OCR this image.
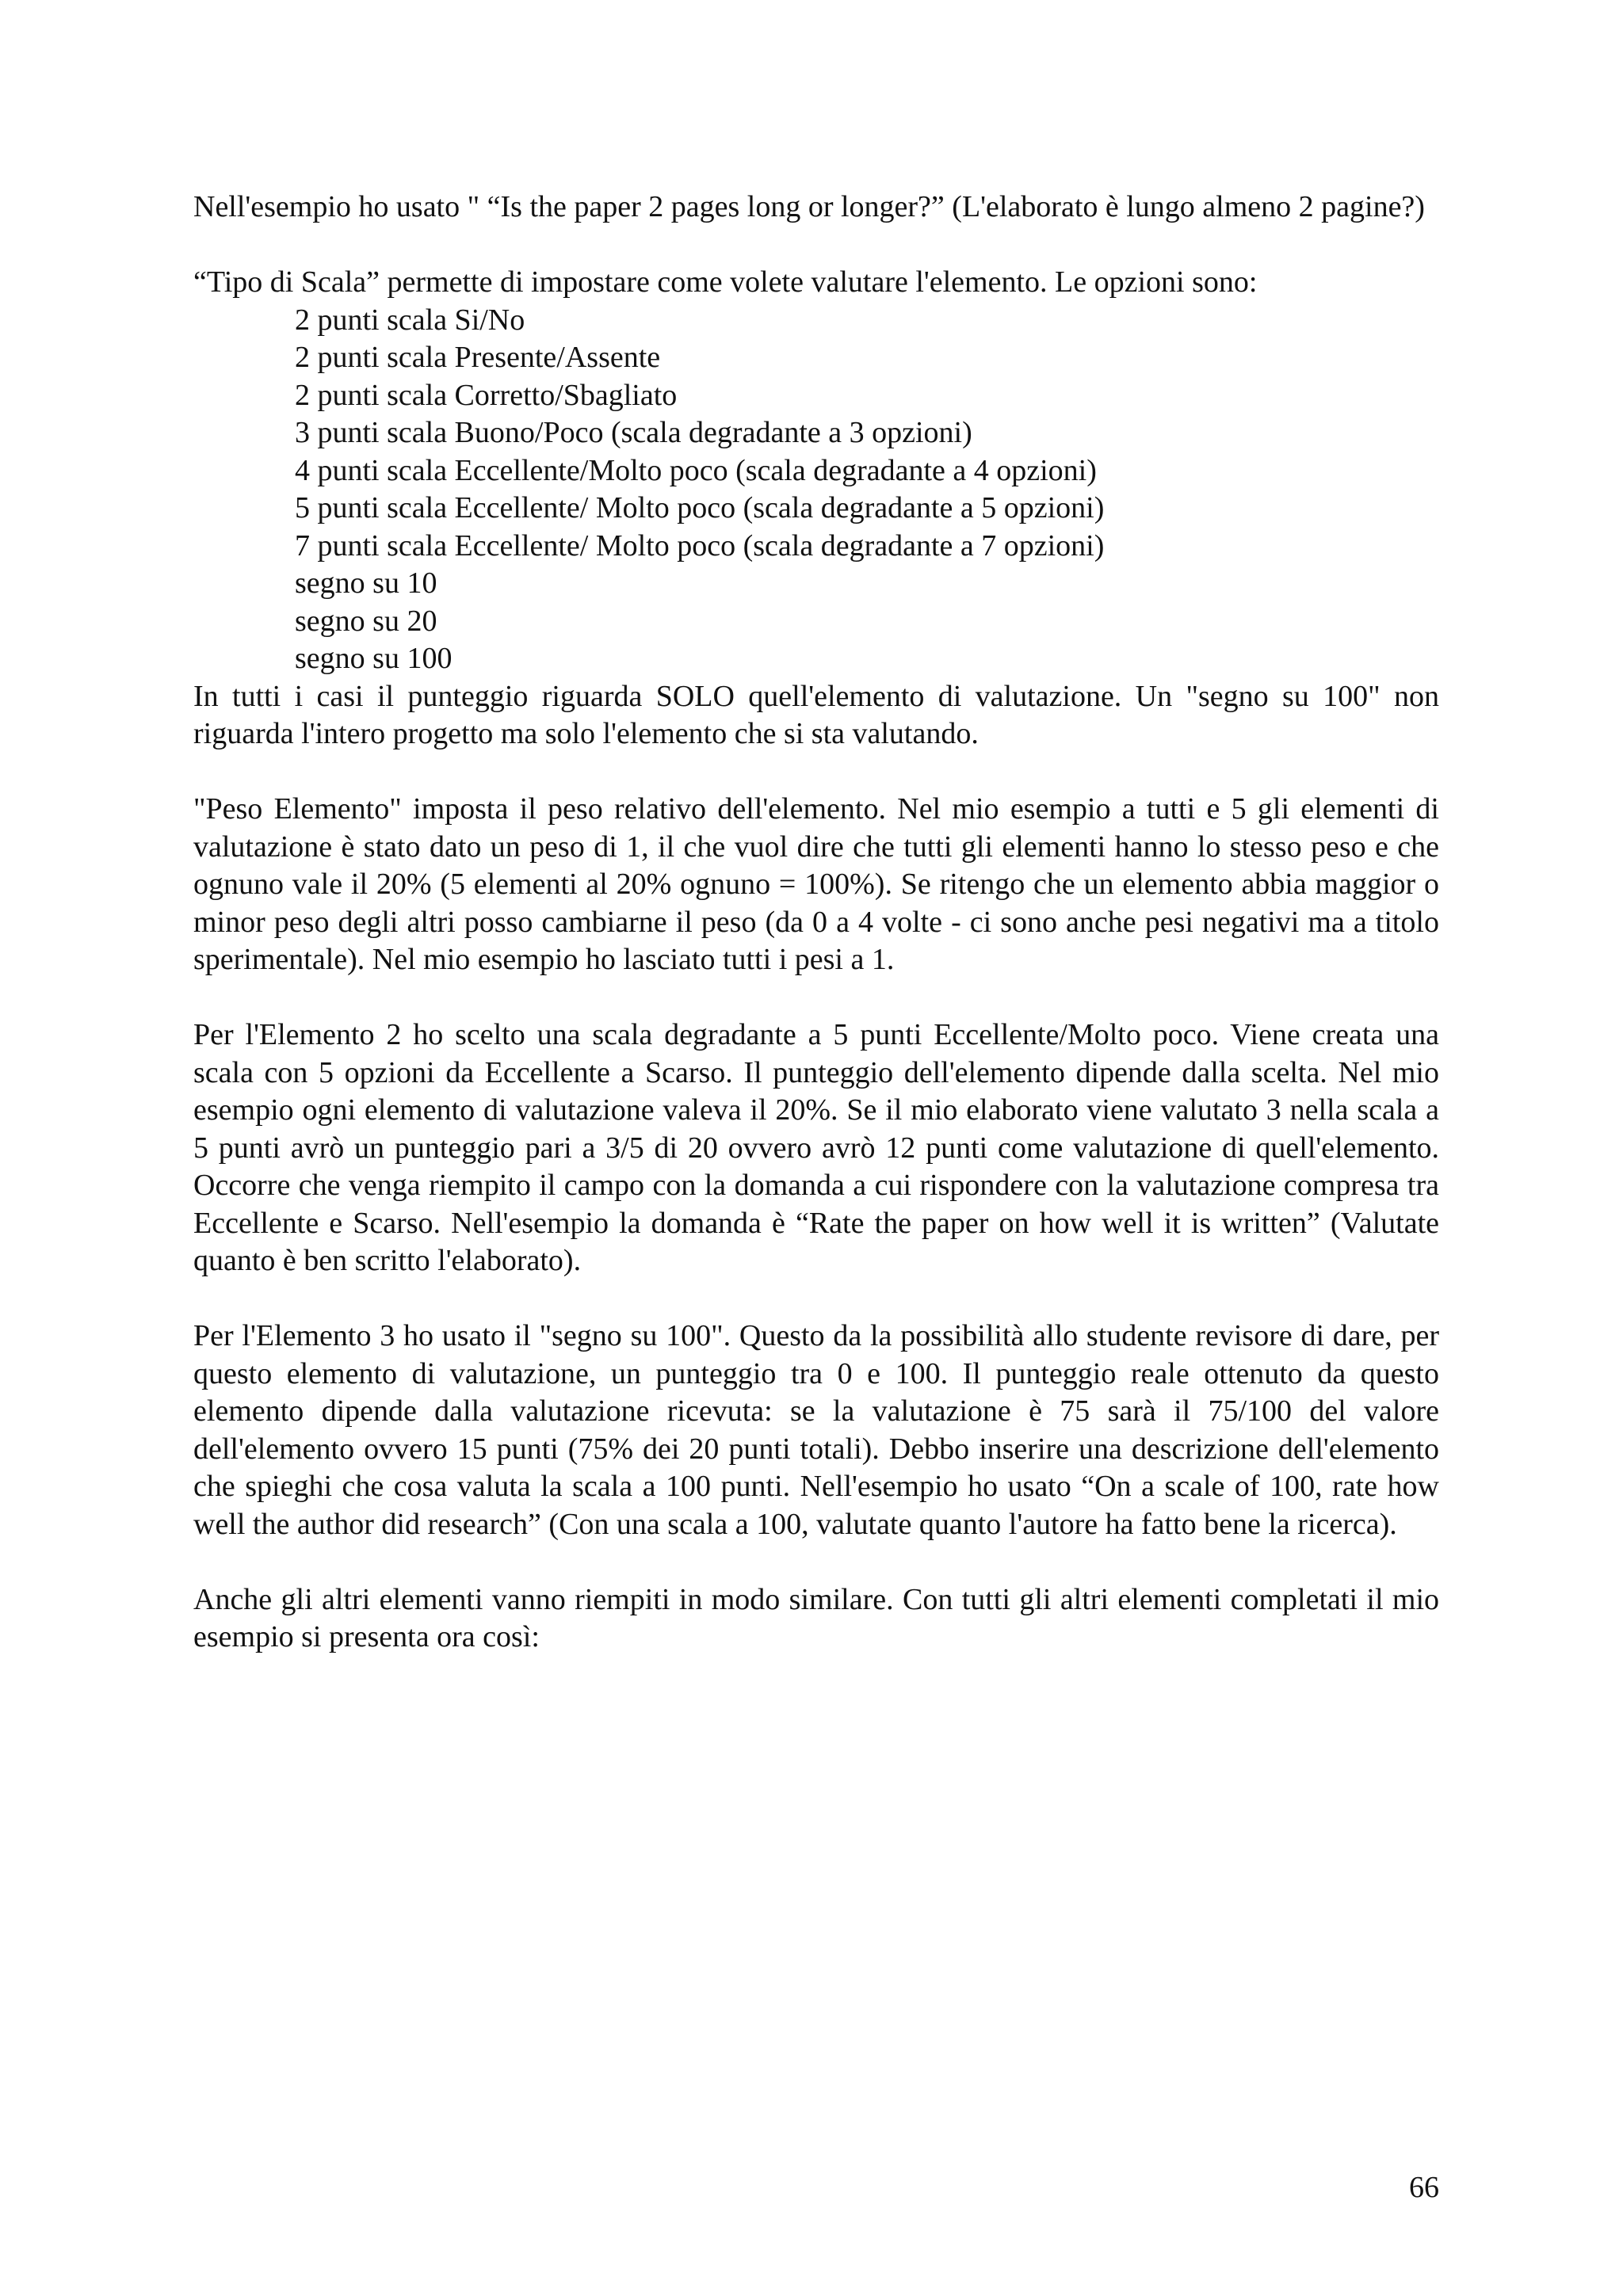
Nell'esempio ho usato " “Is the paper 2 pages long or longer?” (L'elaborato è lungo almeno 2 pagine?)

“Tipo di Scala” permette di impostare come volete valutare l'elemento. Le opzioni sono:

2 punti scala Si/No
2 punti scala Presente/Assente
2 punti scala Corretto/Sbagliato
3 punti scala Buono/Poco (scala degradante a 3 opzioni)
4 punti scala Eccellente/Molto poco (scala degradante a 4 opzioni)
5 punti scala Eccellente/ Molto poco (scala degradante a 5 opzioni)
7 punti scala Eccellente/ Molto poco (scala degradante a 7 opzioni)
segno su 10
segno su 20
segno su 100

In tutti i casi il punteggio riguarda SOLO quell'elemento di valutazione. Un "segno su 100" non riguarda l'intero progetto ma solo l'elemento che si sta valutando.

"Peso Elemento" imposta il peso relativo dell'elemento. Nel mio esempio a tutti e 5 gli elementi di valutazione è stato dato un peso di 1, il che vuol dire che tutti gli elementi hanno lo stesso peso e che ognuno vale il 20% (5 elementi al 20% ognuno = 100%). Se ritengo che un elemento abbia maggior o minor peso degli altri posso cambiarne il peso (da 0 a 4 volte - ci sono anche pesi negativi ma a titolo sperimentale). Nel mio esempio ho lasciato tutti i pesi a 1.

Per l'Elemento 2 ho scelto una scala degradante a 5 punti Eccellente/Molto poco. Viene creata una scala con 5 opzioni da Eccellente a Scarso. Il punteggio dell'elemento dipende dalla scelta. Nel mio esempio ogni elemento di valutazione valeva il 20%. Se il mio elaborato viene valutato 3 nella scala a 5 punti avrò un punteggio pari a 3/5 di 20 ovvero avrò 12 punti come valutazione di quell'elemento. Occorre che venga riempito il campo con la domanda a cui rispondere con la valutazione compresa tra Eccellente e Scarso. Nell'esempio la domanda è “Rate the paper on how well it is written” (Valutate quanto è ben scritto l'elaborato).

Per l'Elemento 3 ho usato il "segno su 100". Questo da la possibilità allo studente revisore di dare, per questo elemento di valutazione, un punteggio tra 0 e 100. Il punteggio reale ottenuto da questo elemento dipende dalla valutazione ricevuta: se la valutazione è 75 sarà il 75/100 del valore dell'elemento ovvero 15 punti (75% dei 20 punti totali). Debbo inserire una descrizione dell'elemento che spieghi che cosa valuta la scala a 100 punti. Nell'esempio ho usato “On a scale of 100, rate how well the author did research” (Con una scala a 100, valutate quanto l'autore ha fatto bene la ricerca).

Anche gli altri elementi vanno riempiti in modo similare. Con tutti gli altri elementi completati il mio esempio si presenta ora così:

66
